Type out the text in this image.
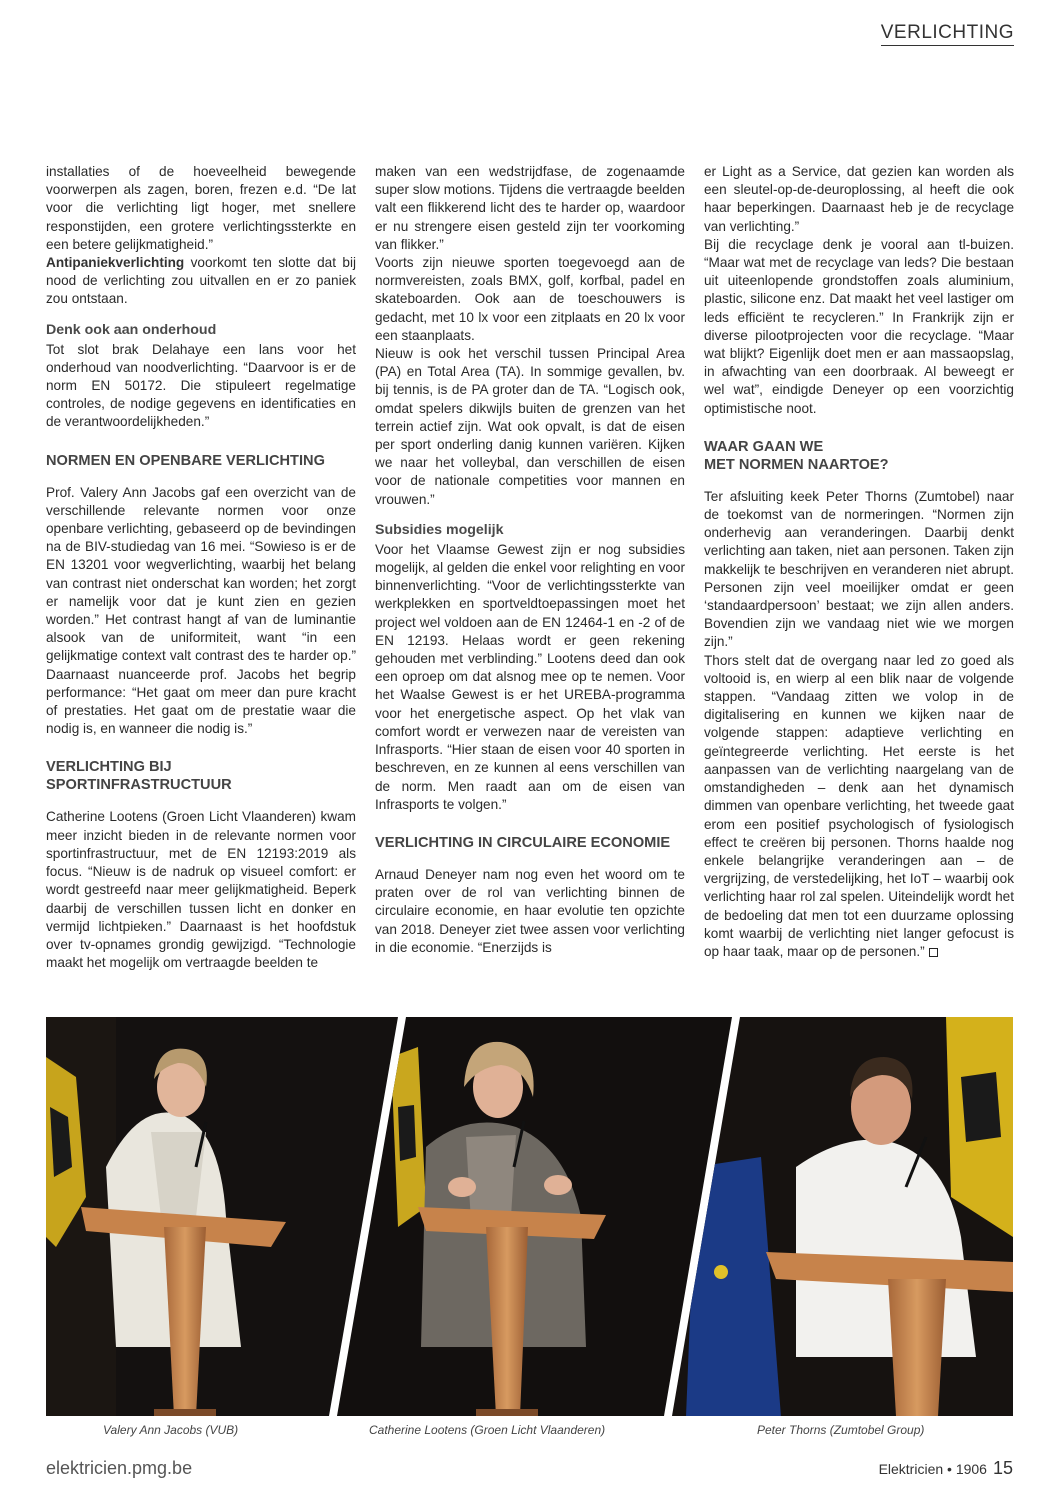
VERLICHTING

installaties of de hoeveelheid bewegende voorwerpen als zagen, boren, frezen e.d. “De lat voor die verlichting ligt hoger, met snellere responstijden, een grotere verlichtingssterkte en een betere gelijkmatigheid.”

Antipaniekverlichting voorkomt ten slotte dat bij nood de verlichting zou uitvallen en er zo paniek zou ontstaan.

Denk ook aan onderhoud

Tot slot brak Delahaye een lans voor het onderhoud van noodverlichting. “Daarvoor is er de norm EN 50172. Die stipuleert regelmatige controles, de nodige gegevens en identificaties en de verantwoordelijkheden.”

NORMEN EN OPENBARE VERLICHTING

Prof. Valery Ann Jacobs gaf een overzicht van de verschillende relevante normen voor onze openbare verlichting, gebaseerd op de bevindingen na de BIV-studiedag van 16 mei. “Sowieso is er de EN 13201 voor wegverlichting, waarbij het belang van contrast niet onderschat kan worden; het zorgt er namelijk voor dat je kunt zien en gezien worden.” Het contrast hangt af van de luminantie alsook van de uniformiteit, want “in een gelijkmatige context valt contrast des te harder op.” Daarnaast nuanceerde prof. Jacobs het begrip performance: “Het gaat om meer dan pure kracht of prestaties. Het gaat om de prestatie waar die nodig is, en wanneer die nodig is.”

VERLICHTING BIJ SPORTINFRASTRUCTUUR

Catherine Lootens (Groen Licht Vlaanderen) kwam meer inzicht bieden in de relevante normen voor sportinfrastructuur, met de EN 12193:2019 als focus. “Nieuw is de nadruk op visueel comfort: er wordt gestreefd naar meer gelijkmatigheid. Beperk daarbij de verschillen tussen licht en donker en vermijd lichtpieken.” Daarnaast is het hoofdstuk over tv-opnames grondig gewijzigd. “Technologie maakt het mogelijk om vertraagde beelden te

maken van een wedstrijdfase, de zogenaamde super slow motions. Tijdens die vertraagde beelden valt een flikkerend licht des te harder op, waardoor er nu strengere eisen gesteld zijn ter voorkoming van flikker.”

Voorts zijn nieuwe sporten toegevoegd aan de normvereisten, zoals BMX, golf, korfbal, padel en skateboarden. Ook aan de toeschouwers is gedacht, met 10 lx voor een zitplaats en 20 lx voor een staanplaats.

Nieuw is ook het verschil tussen Principal Area (PA) en Total Area (TA). In sommige gevallen, bv. bij tennis, is de PA groter dan de TA. “Logisch ook, omdat spelers dikwijls buiten de grenzen van het terrein actief zijn. Wat ook opvalt, is dat de eisen per sport onderling danig kunnen variëren. Kijken we naar het volleybal, dan verschillen de eisen voor de nationale competities voor mannen en vrouwen.”

Subsidies mogelijk

Voor het Vlaamse Gewest zijn er nog subsidies mogelijk, al gelden die enkel voor relighting en voor binnenverlichting. “Voor de verlichtingssterkte van werkplekken en sportveldtoepassingen moet het project wel voldoen aan de EN 12464-1 en -2 of de EN 12193. Helaas wordt er geen rekening gehouden met verblinding.” Lootens deed dan ook een oproep om dat alsnog mee op te nemen. Voor het Waalse Gewest is er het UREBA-programma voor het energetische aspect. Op het vlak van comfort wordt er verwezen naar de vereisten van Infrasports. “Hier staan de eisen voor 40 sporten in beschreven, en ze kunnen al eens verschillen van de norm. Men raadt aan om de eisen van Infrasports te volgen.”

VERLICHTING IN CIRCULAIRE ECONOMIE

Arnaud Deneyer nam nog even het woord om te praten over de rol van verlichting binnen de circulaire economie, en haar evolutie ten opzichte van 2018. Deneyer ziet twee assen voor verlichting in die economie. “Enerzijds is

er Light as a Service, dat gezien kan worden als een sleutel-op-de-deuroplossing, al heeft die ook haar beperkingen. Daarnaast heb je de recyclage van verlichting.”

Bij die recyclage denk je vooral aan tl-buizen. “Maar wat met de recyclage van leds? Die bestaan uit uiteenlopende grondstoffen zoals aluminium, plastic, silicone enz. Dat maakt het veel lastiger om leds efficiënt te recycleren.” In Frankrijk zijn er diverse pilootprojecten voor die recyclage. “Maar wat blijkt? Eigenlijk doet men er aan massaopslag, in afwachting van een doorbraak. Al beweegt er wel wat”, eindigde Deneyer op een voorzichtig optimistische noot.

WAAR GAAN WE
MET NORMEN NAARTOE?

Ter afsluiting keek Peter Thorns (Zumtobel) naar de toekomst van de normeringen. “Normen zijn onderhevig aan veranderingen. Daarbij denkt verlichting aan taken, niet aan personen. Taken zijn makkelijk te beschrijven en veranderen niet abrupt. Personen zijn veel moeilijker omdat er geen ‘standaardpersoon’ bestaat; we zijn allen anders. Bovendien zijn we vandaag niet wie we morgen zijn.”

Thors stelt dat de overgang naar led zo goed als voltooid is, en wierp al een blik naar de volgende stappen. “Vandaag zitten we volop in de digitalisering en kunnen we kijken naar de volgende stappen: adaptieve verlichting en geïntegreerde verlichting. Het eerste is het aanpassen van de verlichting naargelang van de omstandigheden – denk aan het dynamisch dimmen van openbare verlichting, het tweede gaat erom een positief psychologisch of fysiologisch effect te creëren bij personen. Thorns haalde nog enkele belangrijke veranderingen aan – de vergrijzing, de verstedelijking, het IoT – waarbij ook verlichting haar rol zal spelen. Uiteindelijk wordt het de bedoeling dat men tot een duurzame oplossing komt waarbij de verlichting niet langer gefocust is op haar taak, maar op de personen.”

Valery Ann Jacobs (VUB)	Catherine Lootens (Groen Licht Vlaanderen)	Peter Thorns (Zumtobel Group)
elektricien.pmg.be	Elektricien • 1906 15
